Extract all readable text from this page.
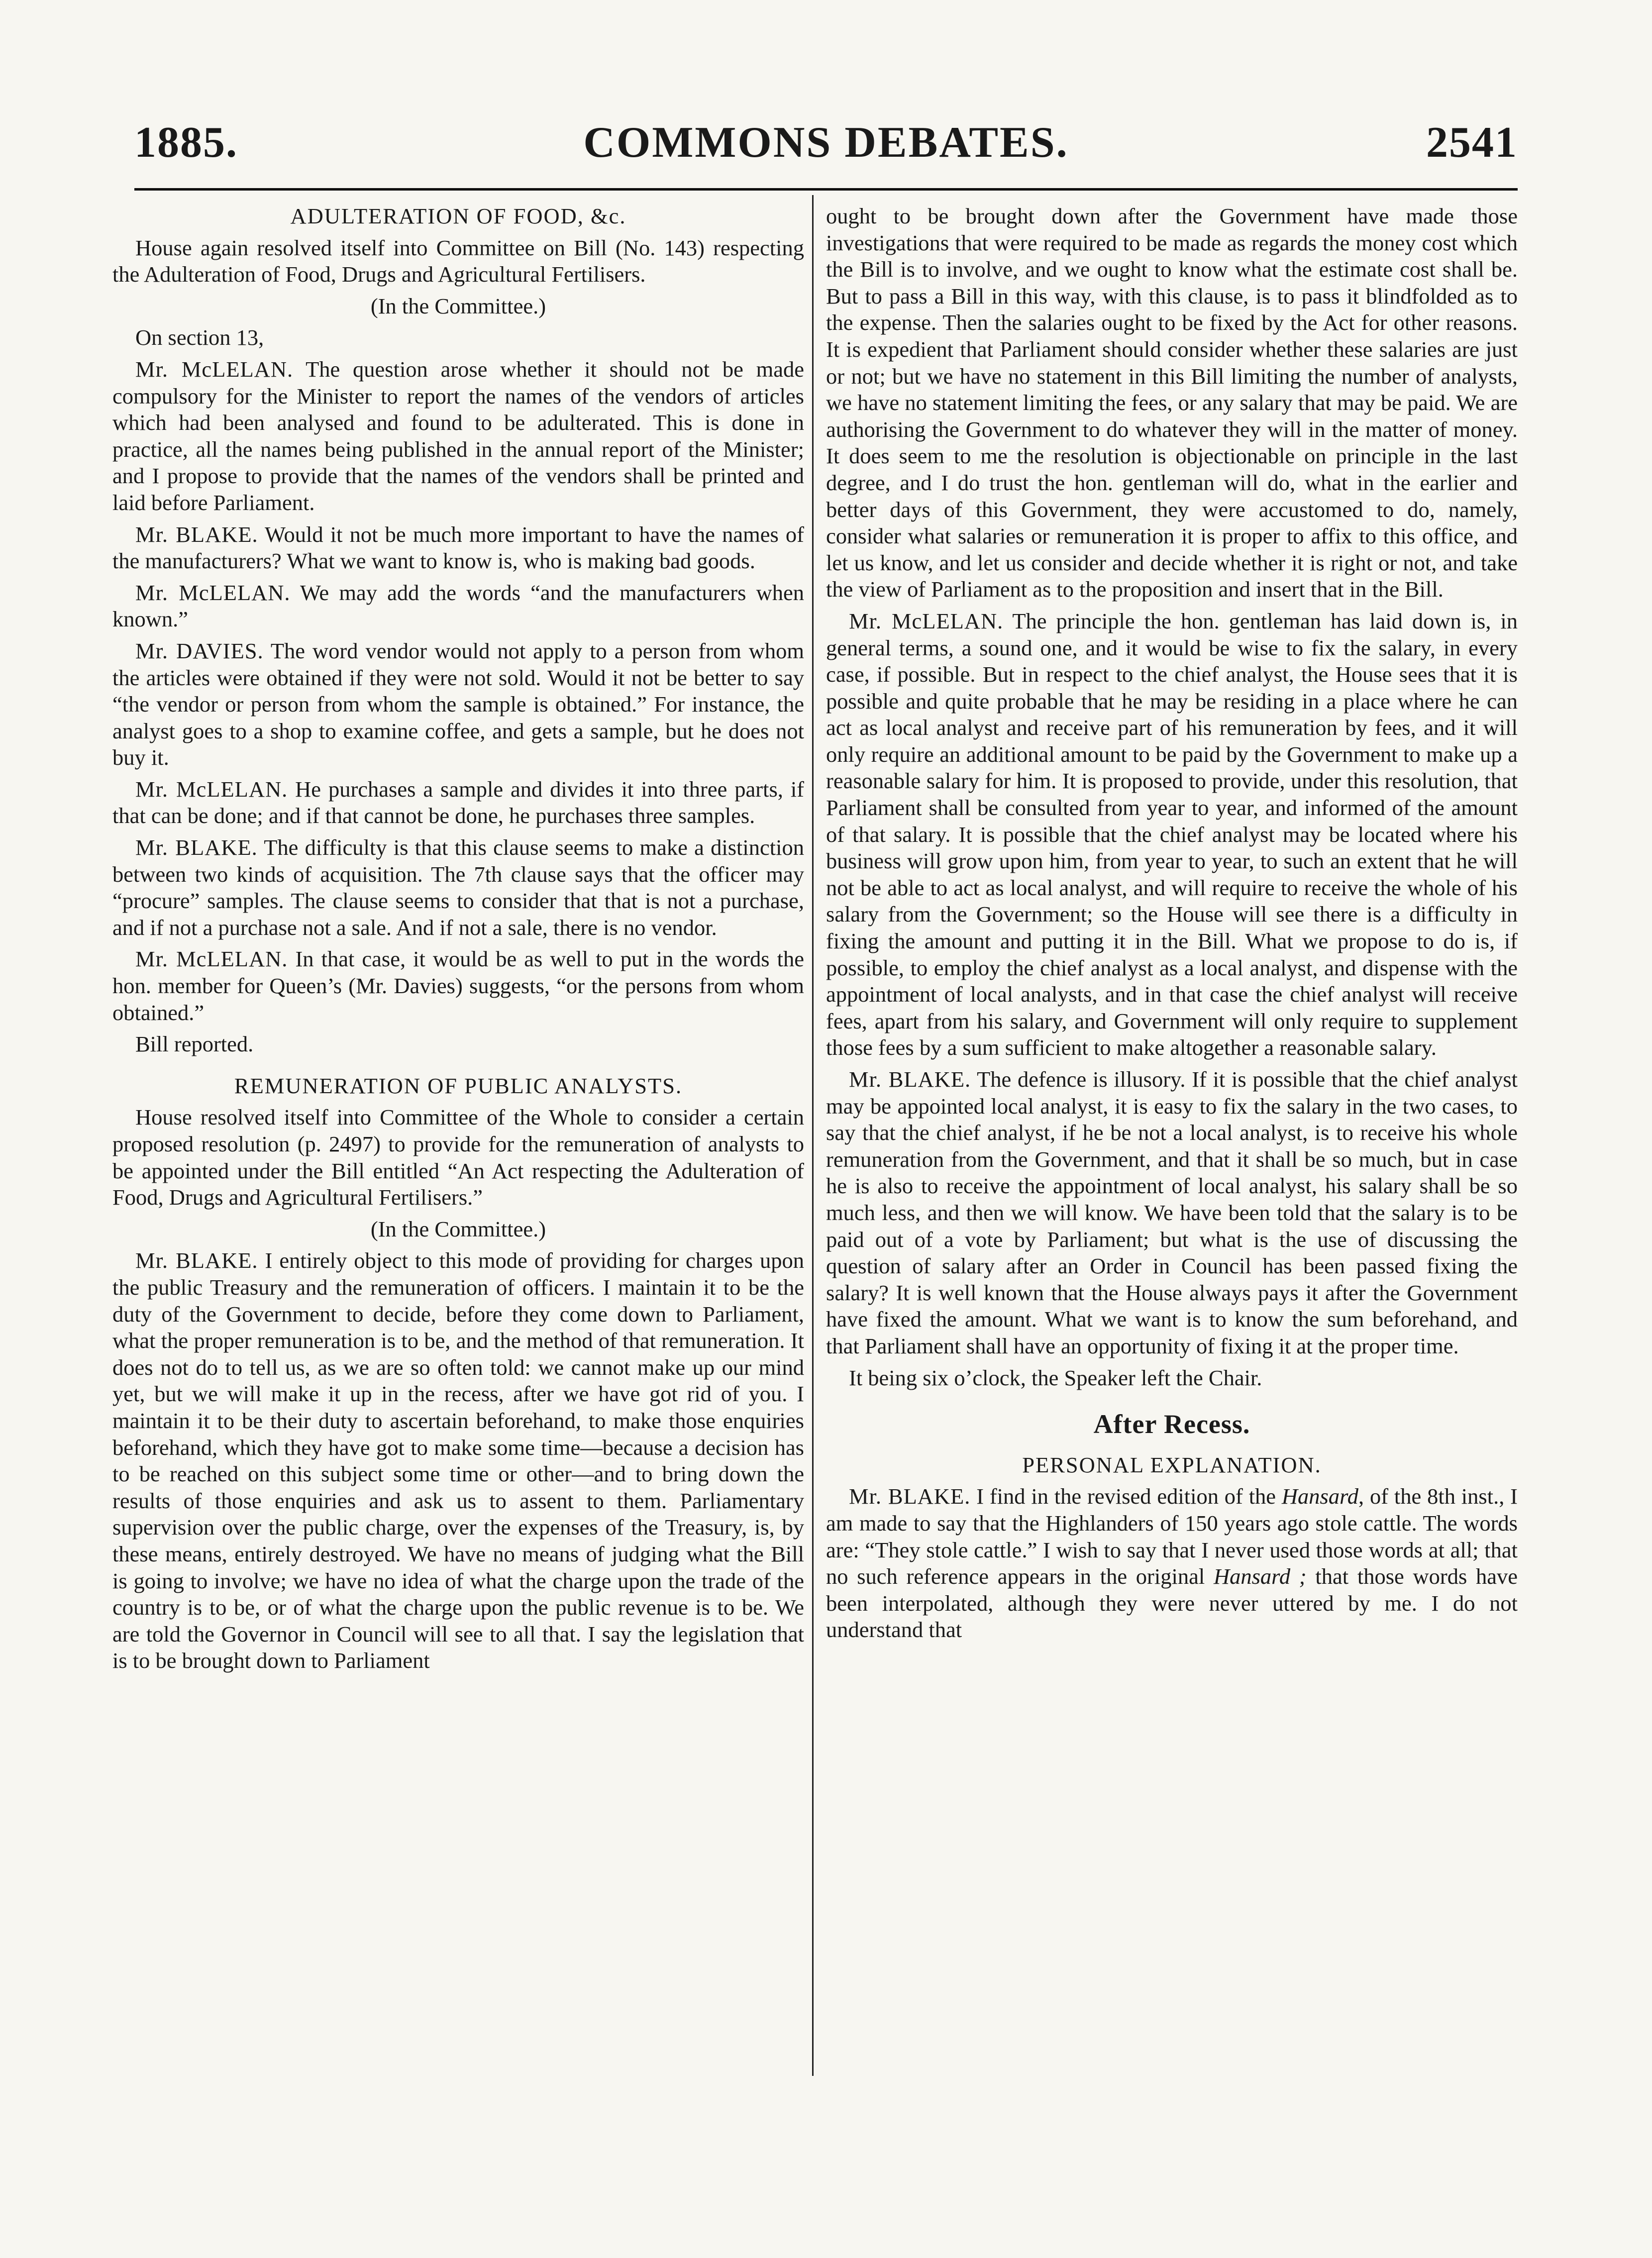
1885.	COMMONS DEBATES.	2541

ADULTERATION OF FOOD, &c.

House again resolved itself into Committee on Bill (No. 143) respecting the Adulteration of Food, Drugs and Agricultural Fertilisers.

(In the Committee.)

On section 13,

Mr. McLELAN. The question arose whether it should not be made compulsory for the Minister to report the names of the vendors of articles which had been analysed and found to be adulterated. This is done in practice, all the names being published in the annual report of the Minister; and I propose to provide that the names of the vendors shall be printed and laid before Parliament.

Mr. BLAKE. Would it not be much more important to have the names of the manufacturers? What we want to know is, who is making bad goods.

Mr. McLELAN. We may add the words “and the manufacturers when known.”

Mr. DAVIES. The word vendor would not apply to a person from whom the articles were obtained if they were not sold. Would it not be better to say “the vendor or person from whom the sample is obtained.” For instance, the analyst goes to a shop to examine coffee, and gets a sample, but he does not buy it.

Mr. McLELAN. He purchases a sample and divides it into three parts, if that can be done; and if that cannot be done, he purchases three samples.

Mr. BLAKE. The difficulty is that this clause seems to make a distinction between two kinds of acquisition. The 7th clause says that the officer may “procure” samples. The clause seems to consider that that is not a purchase, and if not a purchase not a sale. And if not a sale, there is no vendor.

Mr. McLELAN. In that case, it would be as well to put in the words the hon. member for Queen’s (Mr. Davies) suggests, “or the persons from whom obtained.”

Bill reported.

REMUNERATION OF PUBLIC ANALYSTS.

House resolved itself into Committee of the Whole to consider a certain proposed resolution (p. 2497) to provide for the remuneration of analysts to be appointed under the Bill entitled “An Act respecting the Adulteration of Food, Drugs and Agricultural Fertilisers.”

(In the Committee.)

Mr. BLAKE. I entirely object to this mode of providing for charges upon the public Treasury and the remuneration of officers. I maintain it to be the duty of the Government to decide, before they come down to Parliament, what the proper remuneration is to be, and the method of that remuneration. It does not do to tell us, as we are so often told: we cannot make up our mind yet, but we will make it up in the recess, after we have got rid of you. I maintain it to be their duty to ascertain beforehand, to make those enquiries beforehand, which they have got to make some time—because a decision has to be reached on this subject some time or other—and to bring down the results of those enquiries and ask us to assent to them. Parliamentary supervision over the public charge, over the expenses of the Treasury, is, by these means, entirely destroyed. We have no means of judging what the Bill is going to involve; we have no idea of what the charge upon the trade of the country is to be, or of what the charge upon the public revenue is to be. We are told the Governor in Council will see to all that. I say the legislation that is to be brought down to Parliament

ought to be brought down after the Government have made those investigations that were required to be made as regards the money cost which the Bill is to involve, and we ought to know what the estimate cost shall be. But to pass a Bill in this way, with this clause, is to pass it blindfolded as to the expense. Then the salaries ought to be fixed by the Act for other reasons. It is expedient that Parliament should consider whether these salaries are just or not; but we have no statement in this Bill limiting the number of analysts, we have no statement limiting the fees, or any salary that may be paid. We are authorising the Government to do whatever they will in the matter of money. It does seem to me the resolution is objectionable on principle in the last degree, and I do trust the hon. gentleman will do, what in the earlier and better days of this Government, they were accustomed to do, namely, consider what salaries or remuneration it is proper to affix to this office, and let us know, and let us consider and decide whether it is right or not, and take the view of Parliament as to the proposition and insert that in the Bill.

Mr. McLELAN. The principle the hon. gentleman has laid down is, in general terms, a sound one, and it would be wise to fix the salary, in every case, if possible. But in respect to the chief analyst, the House sees that it is possible and quite probable that he may be residing in a place where he can act as local analyst and receive part of his remuneration by fees, and it will only require an additional amount to be paid by the Government to make up a reasonable salary for him. It is proposed to provide, under this resolution, that Parliament shall be consulted from year to year, and informed of the amount of that salary. It is possible that the chief analyst may be located where his business will grow upon him, from year to year, to such an extent that he will not be able to act as local analyst, and will require to receive the whole of his salary from the Government; so the House will see there is a difficulty in fixing the amount and putting it in the Bill. What we propose to do is, if possible, to employ the chief analyst as a local analyst, and dispense with the appointment of local analysts, and in that case the chief analyst will receive fees, apart from his salary, and Government will only require to supplement those fees by a sum sufficient to make altogether a reasonable salary.

Mr. BLAKE. The defence is illusory. If it is possible that the chief analyst may be appointed local analyst, it is easy to fix the salary in the two cases, to say that the chief analyst, if he be not a local analyst, is to receive his whole remuneration from the Government, and that it shall be so much, but in case he is also to receive the appointment of local analyst, his salary shall be so much less, and then we will know. We have been told that the salary is to be paid out of a vote by Parliament; but what is the use of discussing the question of salary after an Order in Council has been passed fixing the salary? It is well known that the House always pays it after the Government have fixed the amount. What we want is to know the sum beforehand, and that Parliament shall have an opportunity of fixing it at the proper time.

It being six o’clock, the Speaker left the Chair.

After Recess.

PERSONAL EXPLANATION.

Mr. BLAKE. I find in the revised edition of the Hansard, of the 8th inst., I am made to say that the Highlanders of 150 years ago stole cattle. The words are: “They stole cattle.” I wish to say that I never used those words at all; that no such reference appears in the original Hansard ; that those words have been interpolated, although they were never uttered by me. I do not understand that
